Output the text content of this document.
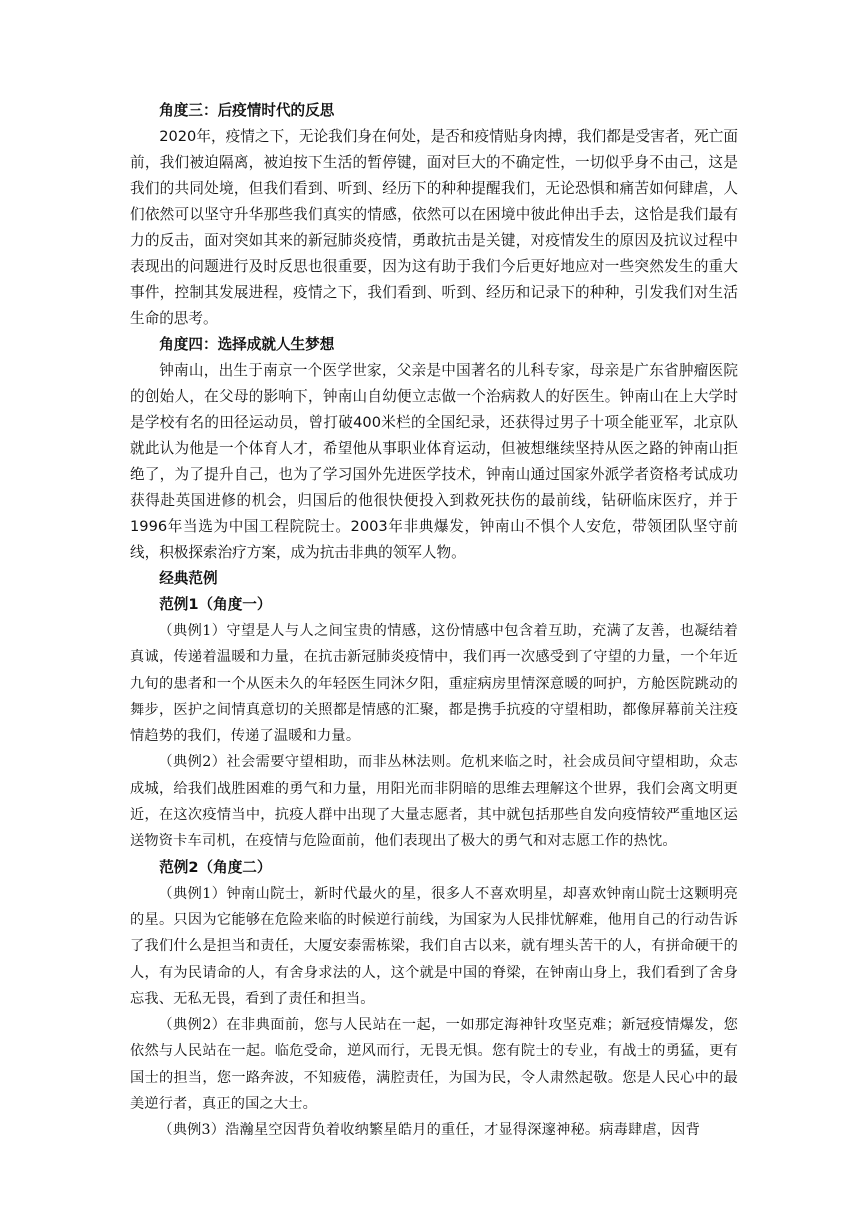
角度三：后疫情时代的反思

2020年，疫情之下，无论我们身在何处，是否和疫情贴身肉搏，我们都是受害者，死亡面前，我们被迫隔离，被迫按下生活的暂停键，面对巨大的不确定性，一切似乎身不由己，这是我们的共同处境，但我们看到、听到、经历下的种种提醒我们，无论恐惧和痛苦如何肆虐，人们依然可以坚守升华那些我们真实的情感，依然可以在困境中彼此伸出手去，这恰是我们最有力的反击，面对突如其来的新冠肺炎疫情，勇敢抗击是关键，对疫情发生的原因及抗议过程中表现出的问题进行及时反思也很重要，因为这有助于我们今后更好地应对一些突然发生的重大事件，控制其发展进程，疫情之下，我们看到、听到、经历和记录下的种种，引发我们对生活生命的思考。

角度四：选择成就人生梦想

钟南山，出生于南京一个医学世家，父亲是中国著名的儿科专家，母亲是广东省肿瘤医院的创始人，在父母的影响下，钟南山自幼便立志做一个治病救人的好医生。钟南山在上大学时是学校有名的田径运动员，曾打破400米栏的全国纪录，还获得过男子十项全能亚军，北京队就此认为他是一个体育人才，希望他从事职业体育运动，但被想继续坚持从医之路的钟南山拒绝了，为了提升自己，也为了学习国外先进医学技术，钟南山通过国家外派学者资格考试成功获得赴英国进修的机会，归国后的他很快便投入到救死扶伤的最前线，钻研临床医疗，并于1996年当选为中国工程院院士。2003年非典爆发，钟南山不惧个人安危，带领团队坚守前线，积极探索治疗方案，成为抗击非典的领军人物。

经典范例

范例1（角度一）

（典例1）守望是人与人之间宝贵的情感，这份情感中包含着互助，充满了友善，也凝结着真诚，传递着温暖和力量，在抗击新冠肺炎疫情中，我们再一次感受到了守望的力量，一个年近九旬的患者和一个从医未久的年轻医生同沐夕阳，重症病房里情深意暖的呵护，方舱医院跳动的舞步，医护之间情真意切的关照都是情感的汇聚，都是携手抗疫的守望相助，都像屏幕前关注疫情趋势的我们，传递了温暖和力量。

（典例2）社会需要守望相助，而非丛林法则。危机来临之时，社会成员间守望相助，众志成城，给我们战胜困难的勇气和力量，用阳光而非阴暗的思维去理解这个世界，我们会离文明更近，在这次疫情当中，抗疫人群中出现了大量志愿者，其中就包括那些自发向疫情较严重地区运送物资卡车司机，在疫情与危险面前，他们表现出了极大的勇气和对志愿工作的热忱。

范例2（角度二）

（典例1）钟南山院士，新时代最火的星，很多人不喜欢明星，却喜欢钟南山院士这颗明亮的星。只因为它能够在危险来临的时候逆行前线，为国家为人民排忧解难，他用自己的行动告诉了我们什么是担当和责任，大厦安泰需栋梁，我们自古以来，就有埋头苦干的人，有拼命硬干的人，有为民请命的人，有舍身求法的人，这个就是中国的脊梁，在钟南山身上，我们看到了舍身忘我、无私无畏，看到了责任和担当。

（典例2）在非典面前，您与人民站在一起，一如那定海神针攻坚克难；新冠疫情爆发，您依然与人民站在一起。临危受命，逆风而行，无畏无惧。您有院士的专业，有战士的勇猛，更有国士的担当，您一路奔波，不知疲倦，满腔责任，为国为民，令人肃然起敬。您是人民心中的最美逆行者，真正的国之大士。

（典例3）浩瀚星空因背负着收纳繁星皓月的重任，才显得深邃神秘。病毒肆虐，因背
